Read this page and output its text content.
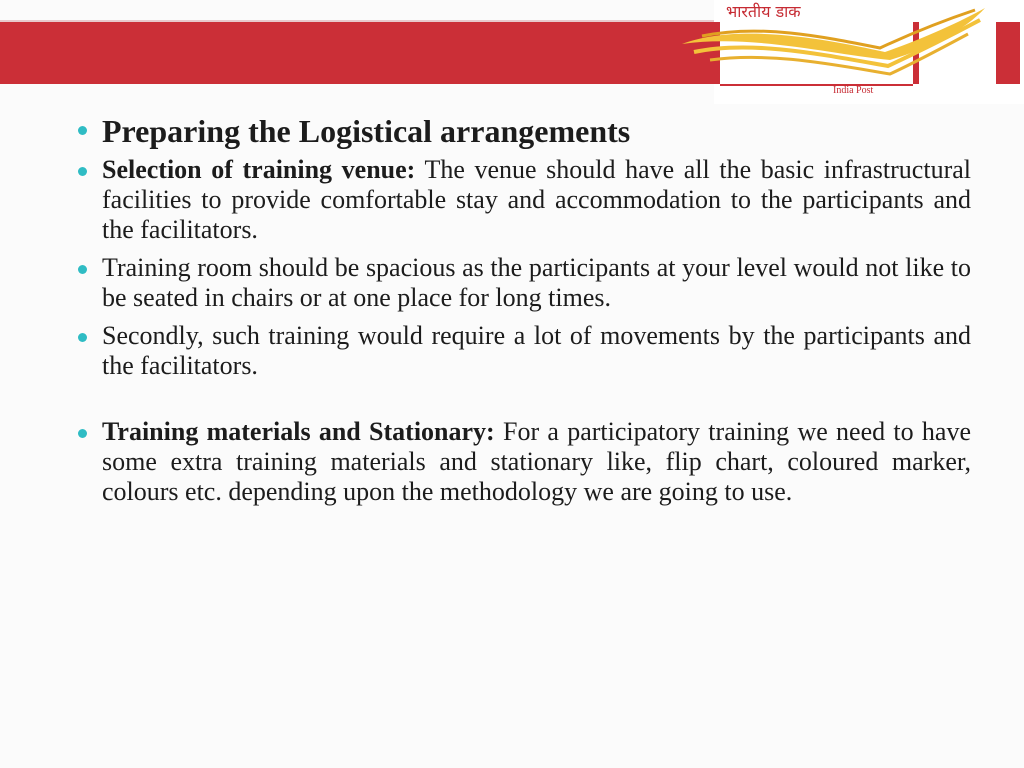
भारतीय डाक
India Post
Preparing the Logistical arrangements
Selection of training venue: The venue should have all the basic infrastructural facilities to provide comfortable stay and accommodation to the participants and the facilitators.
Training room should be spacious as the participants at your level would not like to be seated in chairs or at one place for long times.
Secondly, such training would require a lot of movements by the participants and the facilitators.
Training materials and Stationary: For a participatory training we need to have some extra training materials and stationary like, flip chart, coloured marker, colours etc. depending upon the methodology we are going to use.
